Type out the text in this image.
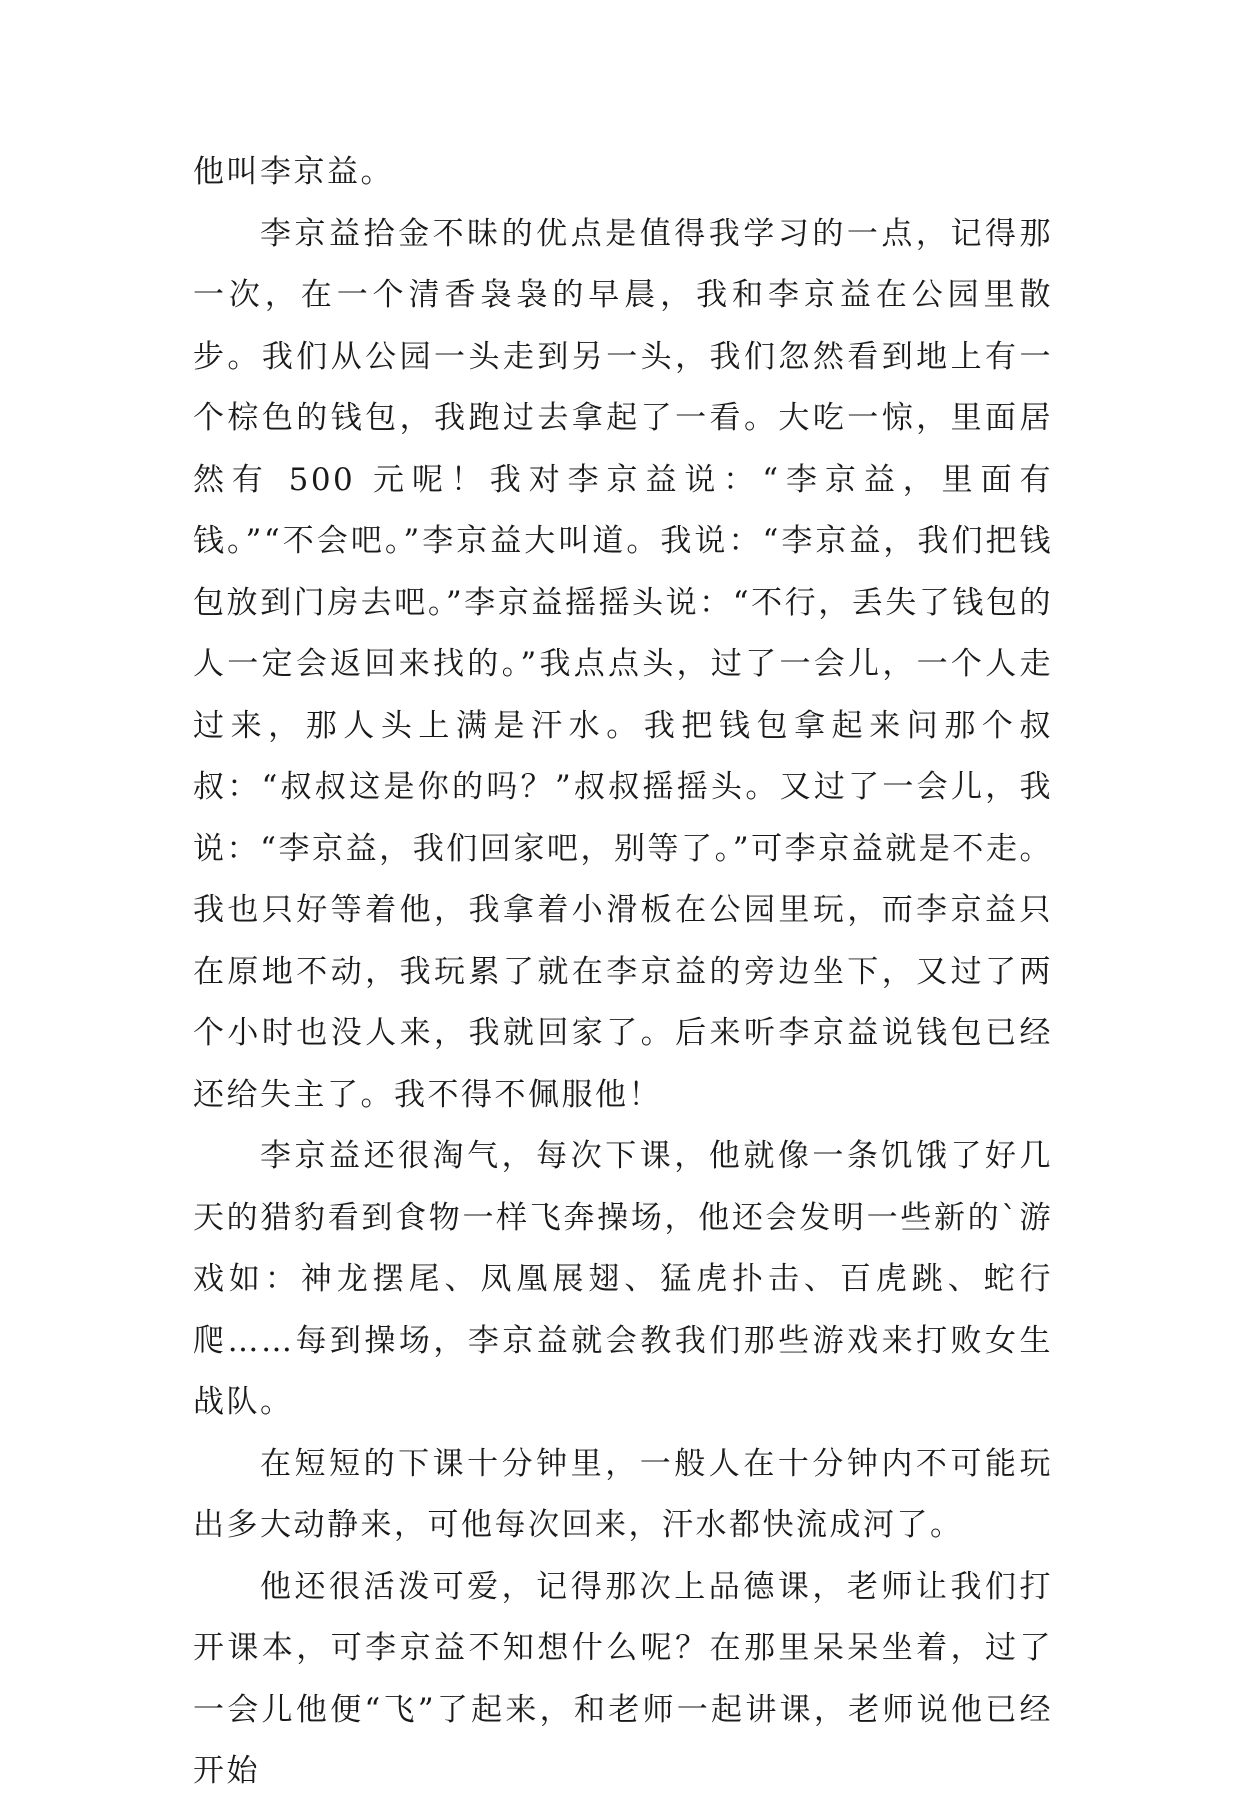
他叫李京益。

李京益拾金不昧的优点是值得我学习的一点，记得那一次，在一个清香袅袅的早晨，我和李京益在公园里散步。我们从公园一头走到另一头，我们忽然看到地上有一个棕色的钱包，我跑过去拿起了一看。大吃一惊，里面居然有 500 元呢！我对李京益说：“李京益，里面有钱。”“不会吧。”李京益大叫道。我说：“李京益，我们把钱包放到门房去吧。”李京益摇摇头说：“不行，丢失了钱包的人一定会返回来找的。”我点点头，过了一会儿，一个人走过来，那人头上满是汗水。我把钱包拿起来问那个叔叔：“叔叔这是你的吗？”叔叔摇摇头。又过了一会儿，我说：“李京益，我们回家吧，别等了。”可李京益就是不走。我也只好等着他，我拿着小滑板在公园里玩，而李京益只在原地不动，我玩累了就在李京益的旁边坐下，又过了两个小时也没人来，我就回家了。后来听李京益说钱包已经还给失主了。我不得不佩服他！

李京益还很淘气，每次下课，他就像一条饥饿了好几天的猎豹看到食物一样飞奔操场，他还会发明一些新的`游戏如：神龙摆尾、凤凰展翅、猛虎扑击、百虎跳、蛇行爬……每到操场，李京益就会教我们那些游戏来打败女生战队。

在短短的下课十分钟里，一般人在十分钟内不可能玩出多大动静来，可他每次回来，汗水都快流成河了。

他还很活泼可爱，记得那次上品德课，老师让我们打开课本，可李京益不知想什么呢？在那里呆呆坐着，过了一会儿他便“飞”了起来，和老师一起讲课，老师说他已经开始
